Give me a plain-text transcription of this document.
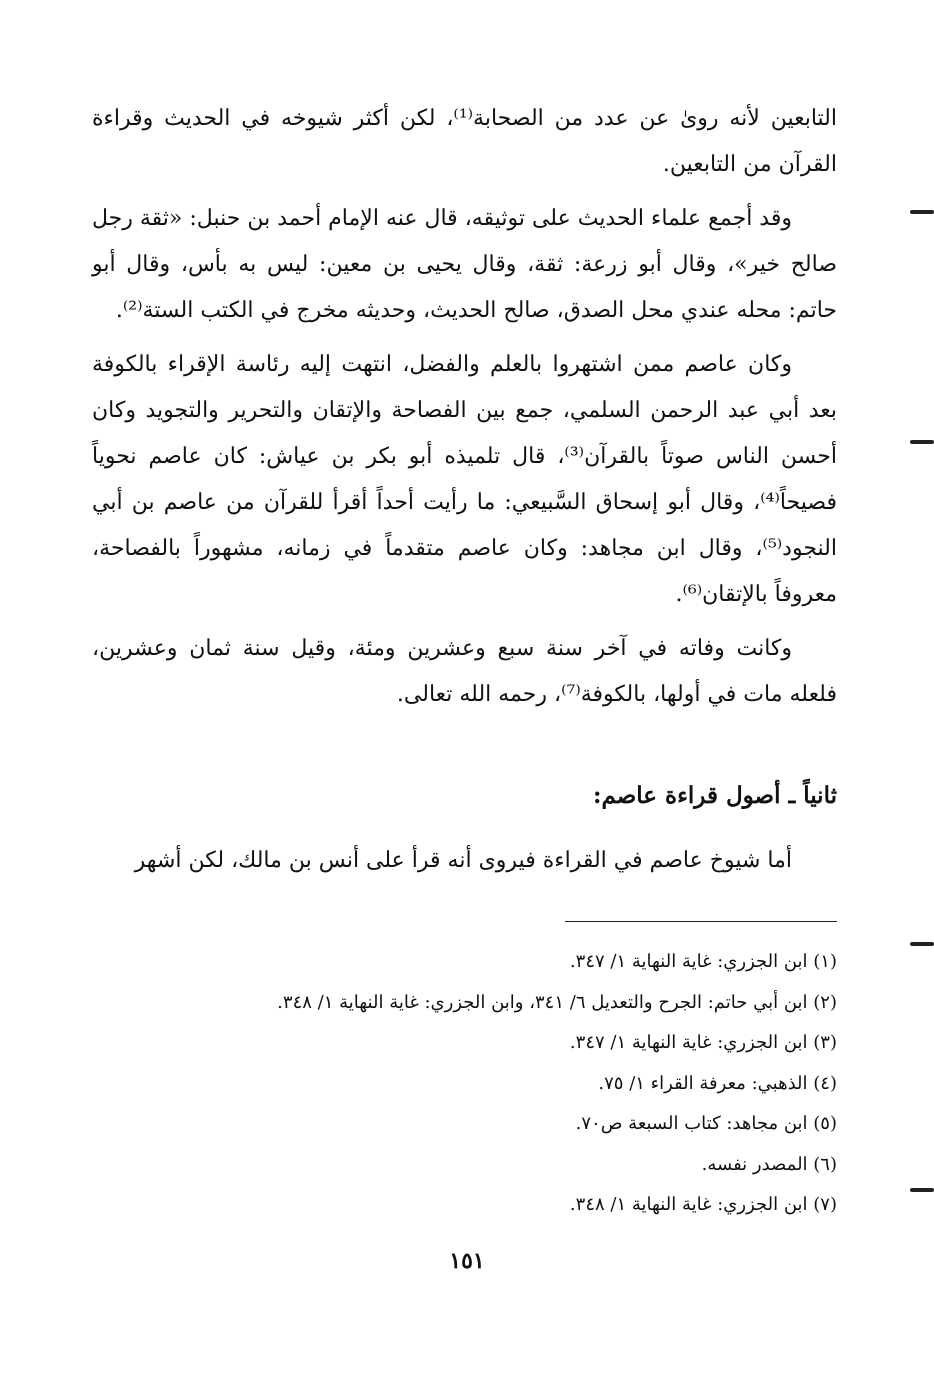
التابعين لأنه روىٰ عن عدد من الصحابة⁽¹⁾، لكن أكثر شيوخه في الحديث وقراءة القرآن من التابعين.

وقد أجمع علماء الحديث على توثيقه، قال عنه الإمام أحمد بن حنبل: «ثقة رجل صالح خير»، وقال أبو زرعة: ثقة، وقال يحيى بن معين: ليس به بأس، وقال أبو حاتم: محله عندي محل الصدق، صالح الحديث، وحديثه مخرج في الكتب الستة⁽²⁾.

وكان عاصم ممن اشتهروا بالعلم والفضل، انتهت إليه رئاسة الإقراء بالكوفة بعد أبي عبد الرحمن السلمي، جمع بين الفصاحة والإتقان والتحرير والتجويد وكان أحسن الناس صوتاً بالقرآن⁽³⁾، قال تلميذه أبو بكر بن عياش: كان عاصم نحوياً فصيحاً⁽⁴⁾، وقال أبو إسحاق السَّبيعي: ما رأيت أحداً أقرأ للقرآن من عاصم بن أبي النجود⁽⁵⁾، وقال ابن مجاهد: وكان عاصم متقدماً في زمانه، مشهوراً بالفصاحة، معروفاً بالإتقان⁽⁶⁾.

وكانت وفاته في آخر سنة سبع وعشرين ومئة، وقيل سنة ثمان وعشرين، فلعله مات في أولها، بالكوفة⁽⁷⁾، رحمه الله تعالى.

ثانياً ـ أصول قراءة عاصم:

أما شيوخ عاصم في القراءة فيروى أنه قرأ على أنس بن مالك، لكن أشهر

(١) ابن الجزري: غاية النهاية ١/ ٣٤٧.
(٢) ابن أبي حاتم: الجرح والتعديل ٦/ ٣٤١، وابن الجزري: غاية النهاية ١/ ٣٤٨.
(٣) ابن الجزري: غاية النهاية ١/ ٣٤٧.
(٤) الذهبي: معرفة القراء ١/ ٧٥.
(٥) ابن مجاهد: كتاب السبعة ص٧٠.
(٦) المصدر نفسه.
(٧) ابن الجزري: غاية النهاية ١/ ٣٤٨.
١٥١
